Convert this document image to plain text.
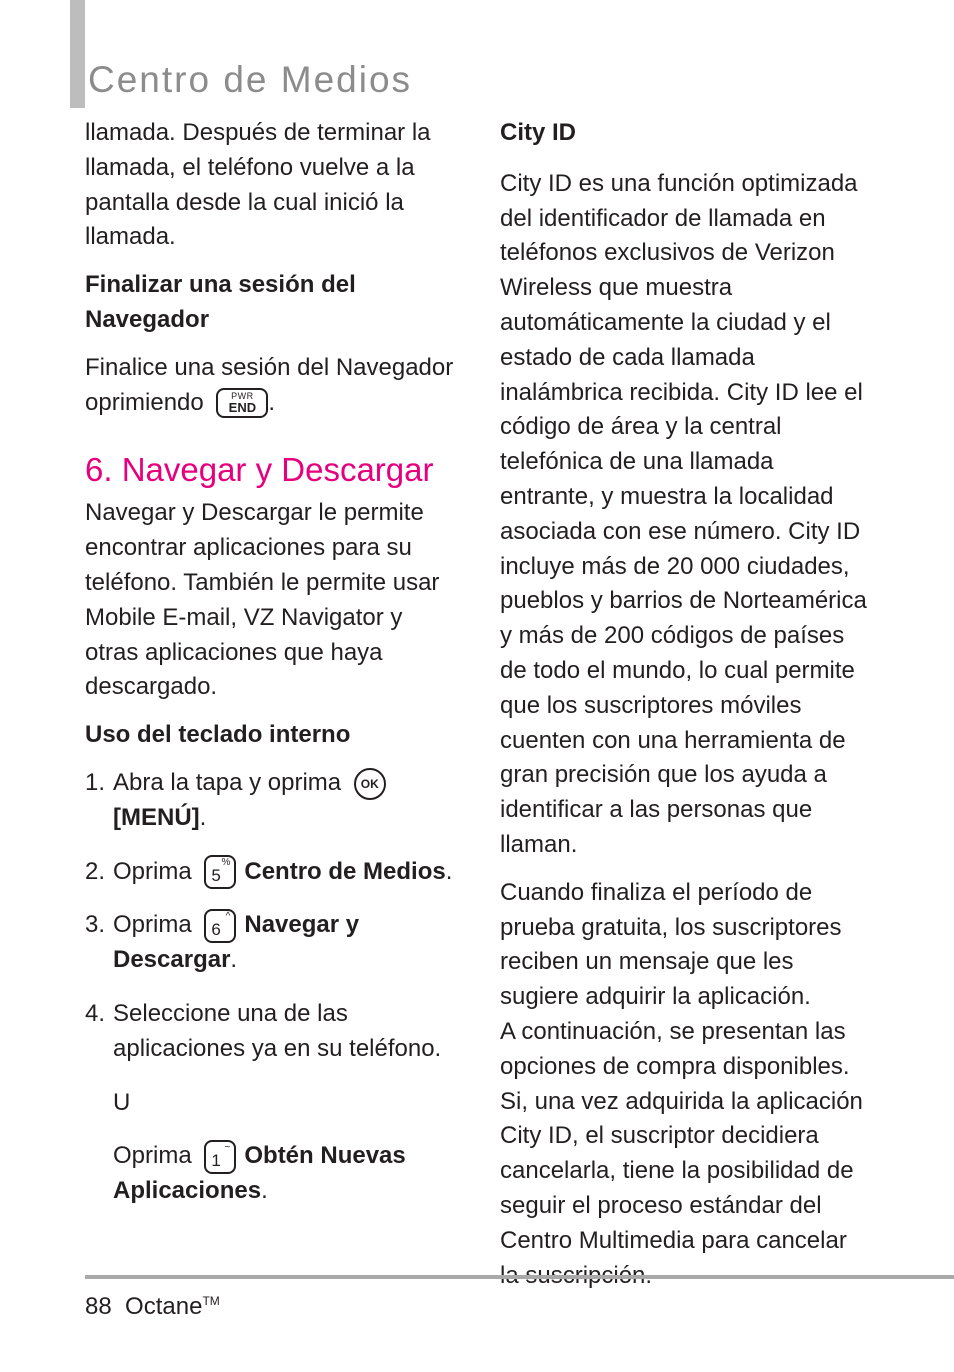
Centro de Medios

llamada. Después de terminar la llamada, el teléfono vuelve a la pantalla desde la cual inició la llamada.

Finalizar una sesión del Navegador

Finalice una sesión del Navegador oprimiendo	PWR
END .

6. Navegar y Descargar

Navegar y Descargar le permite encontrar aplicaciones para su teléfono. También le permite usar Mobile E-mail, VZ Navigator y otras aplicaciones que haya descargado.

Uso del teclado interno

1. Abra la tapa y oprima	OK

[MENÚ].
2. Oprima 5
% Centro de Medios.
3. Oprima 6
^ Navegar y Descargar.
4. Seleccione una de las aplicaciones ya en su teléfono.

U

Oprima 1
~ Obtén Nuevas Aplicaciones.

City ID

City ID es una función optimizada del identificador de llamada en teléfonos exclusivos de Verizon Wireless que muestra automáticamente la ciudad y el estado de cada llamada inalámbrica recibida. City ID lee el código de área y la central telefónica de una llamada entrante, y muestra la localidad asociada con ese número. City ID incluye más de 20 000 ciudades, pueblos y barrios de Norteamérica y más de 200 códigos de países de todo el mundo, lo cual permite que los suscriptores móviles cuenten con una herramienta de gran precisión que los ayuda a identificar a las personas que llaman.

Cuando finaliza el período de prueba gratuita, los suscriptores reciben un mensaje que les sugiere adquirir la aplicación.

A continuación, se presentan las opciones de compra disponibles.

Si, una vez adquirida la aplicación City ID, el suscriptor decidiera cancelarla, tiene la posibilidad de seguir el proceso estándar del Centro Multimedia para cancelar

88 Octane™
